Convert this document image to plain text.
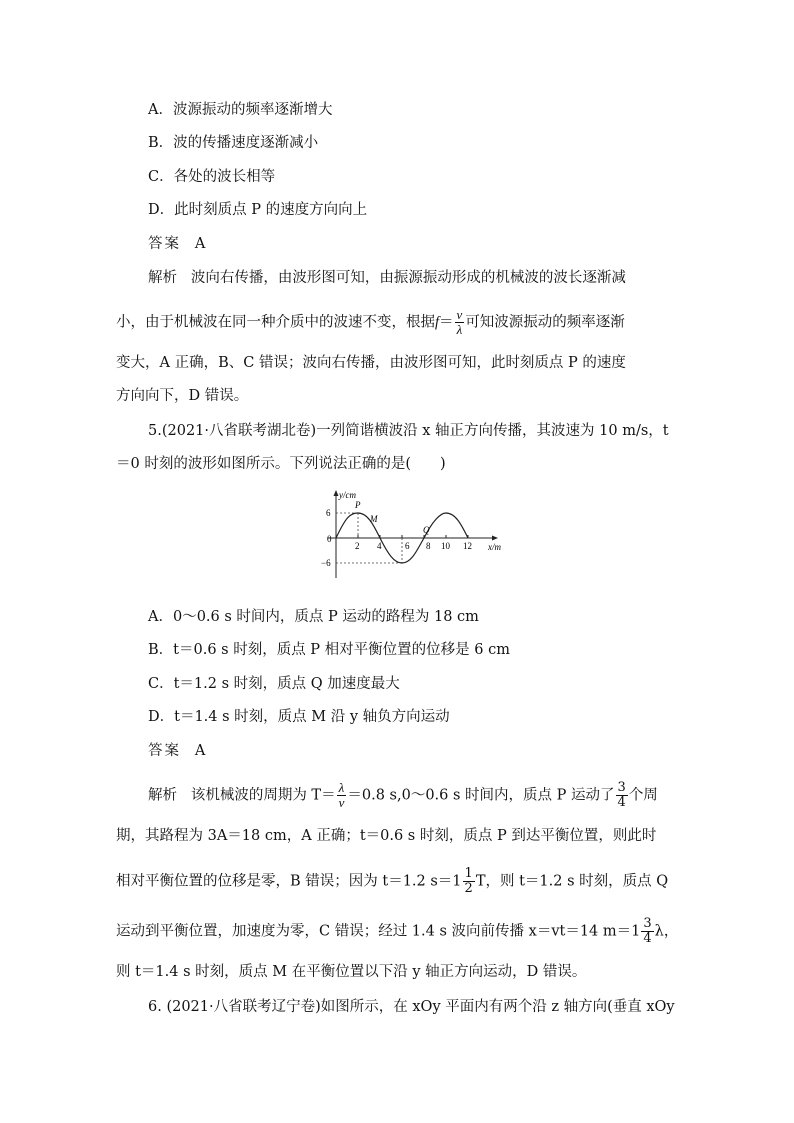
A．波源振动的频率逐渐增大
B．波的传播速度逐渐减小
C．各处的波长相等
D．此时刻质点 P 的速度方向向上
答案 A
解析 波向右传播，由波形图可知，由振源振动形成的机械波的波长逐渐减
小，由于机械波在同一种介质中的波速不变，根据$f= \frac{v}{\lambda}$ 可知波源振动的频率逐渐
变大，A 正确，B、C 错误；波向右传播，由波形图可知，此时刻质点 P 的速度
方向向下，D 错误。
5.(2021·八省联考湖北卷)一列简谐横波沿 x 轴正方向传播，其波速为 10 m/s，t
＝0 时刻的波形如图所示。下列说法正确的是(　　)
y/cm
x/m
0
6
−6
2 4	6 8 10 12
P
M
Q
A．0～0.6 s 时间内，质点 P 运动的路程为 18 cm
B．t＝0.6 s 时刻，质点 P 相对平衡位置的位移是 6 cm
C．t＝1.2 s 时刻，质点 Q 加速度最大
D．t＝1.4 s 时刻，质点 M 沿 y 轴负方向运动
答案 A
解析 该机械波的周期为 $T= \frac{\lambda}{v} =0.8$ s,0～0.6 s 时间内，质点 P 运动了 $\frac{3}{4}$ 个周
期，其路程为 3A＝18 cm，A 正确；t＝0.6 s 时刻，质点 P 到达平衡位置，则此时
相对平衡位置的位移是零，B 错误；因为 t＝1.2 $s=1 \frac{1}{2}$ T，则 t＝1.2 s 时刻，质点 Q
运动到平衡位置，加速度为零，C 错误；经过 1.4 s 波向前传播 x＝vt＝14 $m=1 \frac{3}{4}$ λ，
则 t＝1.4 s 时刻，质点 M 在平衡位置以下沿 y 轴正方向运动，D 错误。
6. (2021·八省联考辽宁卷)如图所示，在 xOy 平面内有两个沿 z 轴方向(垂直 xOy
